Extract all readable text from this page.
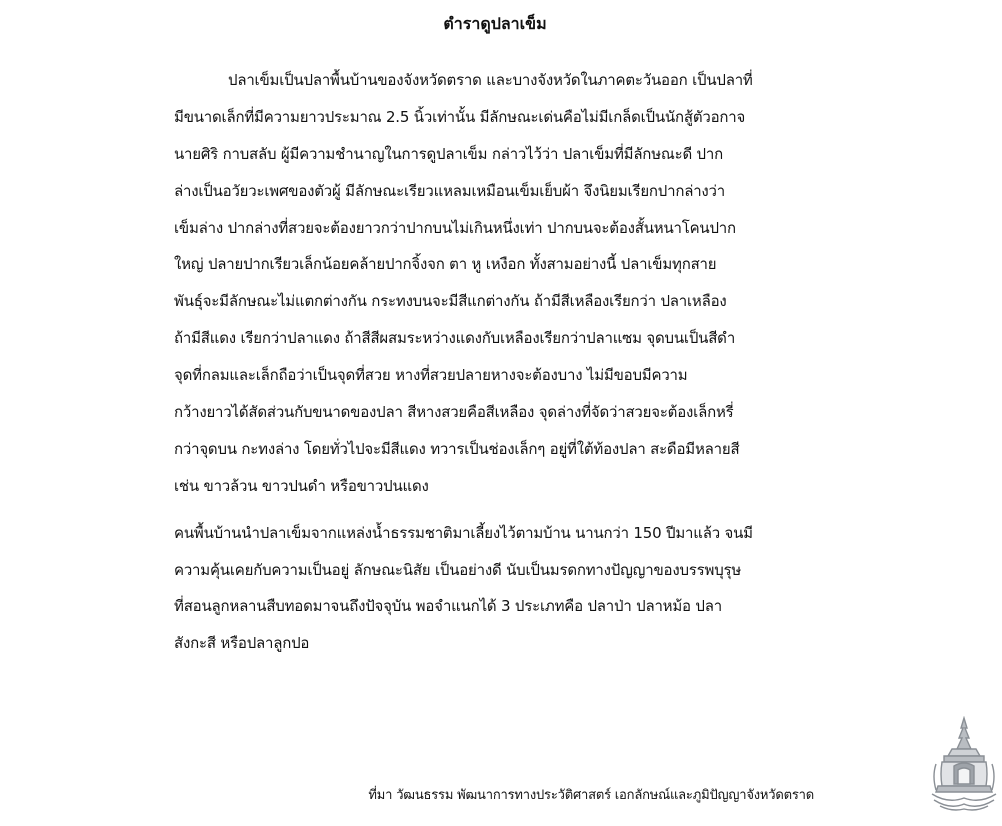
ตำราดูปลาเข็ม
ปลาเข็มเป็นปลาพื้นบ้านของจังหวัดตราด และบางจังหวัดในภาคตะวันออก เป็นปลาที่
มีขนาดเล็กที่มีความยาวประมาณ 2.5 นิ้วเท่านั้น มีลักษณะเด่นคือไม่มีเกล็ดเป็นนักสู้ตัวอกาจ
นายศิริ กาบสลับ ผู้มีความชำนาญในการดูปลาเข็ม กล่าวไว้ว่า ปลาเข็มที่มีลักษณะดี ปาก
ล่างเป็นอวัยวะเพศของตัวผู้ มีลักษณะเรียวแหลมเหมือนเข็มเย็บผ้า จึงนิยมเรียกปากล่างว่า
เข็มล่าง ปากล่างที่สวยจะต้องยาวกว่าปากบนไม่เกินหนึ่งเท่า ปากบนจะต้องสั้นหนาโคนปาก
ใหญ่ ปลายปากเรียวเล็กน้อยคล้ายปากจิ้งจก ตา หู เหงือก ทั้งสามอย่างนี้ ปลาเข็มทุกสาย
พันธุ์จะมีลักษณะไม่แตกต่างกัน กระทงบนจะมีสีแกต่างกัน ถ้ามีสีเหลืองเรียกว่า ปลาเหลือง
ถ้ามีสีแดง เรียกว่าปลาแดง ถ้าสีสีผสมระหว่างแดงกับเหลืองเรียกว่าปลาแซม จุดบนเป็นสีดำ
จุดที่กลมและเล็กถือว่าเป็นจุดที่สวย หางที่สวยปลายหางจะต้องบาง ไม่มีขอบมีความ
กว้างยาวได้สัดส่วนกับขนาดของปลา สีหางสวยคือสีเหลือง จุดล่างที่จัดว่าสวยจะต้องเล็กหรี่
กว่าจุดบน กะทงล่าง โดยทั่วไปจะมีสีแดง ทวารเป็นช่องเล็กๆ อยู่ที่ใต้ท้องปลา สะดือมีหลายสี
เช่น ขาวล้วน ขาวปนดำ หรือขาวปนแดง
คนพื้นบ้านนำปลาเข็มจากแหล่งน้ำธรรมชาติมาเลี้ยงไว้ตามบ้าน นานกว่า 150 ปีมาแล้ว จนมี
ความคุ้นเคยกับความเป็นอยู่ ลักษณะนิสัย เป็นอย่างดี นับเป็นมรดกทางปัญญาของบรรพบุรุษ
ที่สอนลูกหลานสืบทอดมาจนถึงปัจจุบัน พอจำแนกได้ 3 ประเภทคือ ปลาป่า ปลาหม้อ ปลา
สังกะสี หรือปลาลูกปอ
ที่มา วัฒนธรรม พัฒนาการทางประวัติศาสตร์ เอกลักษณ์และภูมิปัญญาจังหวัดตราด
